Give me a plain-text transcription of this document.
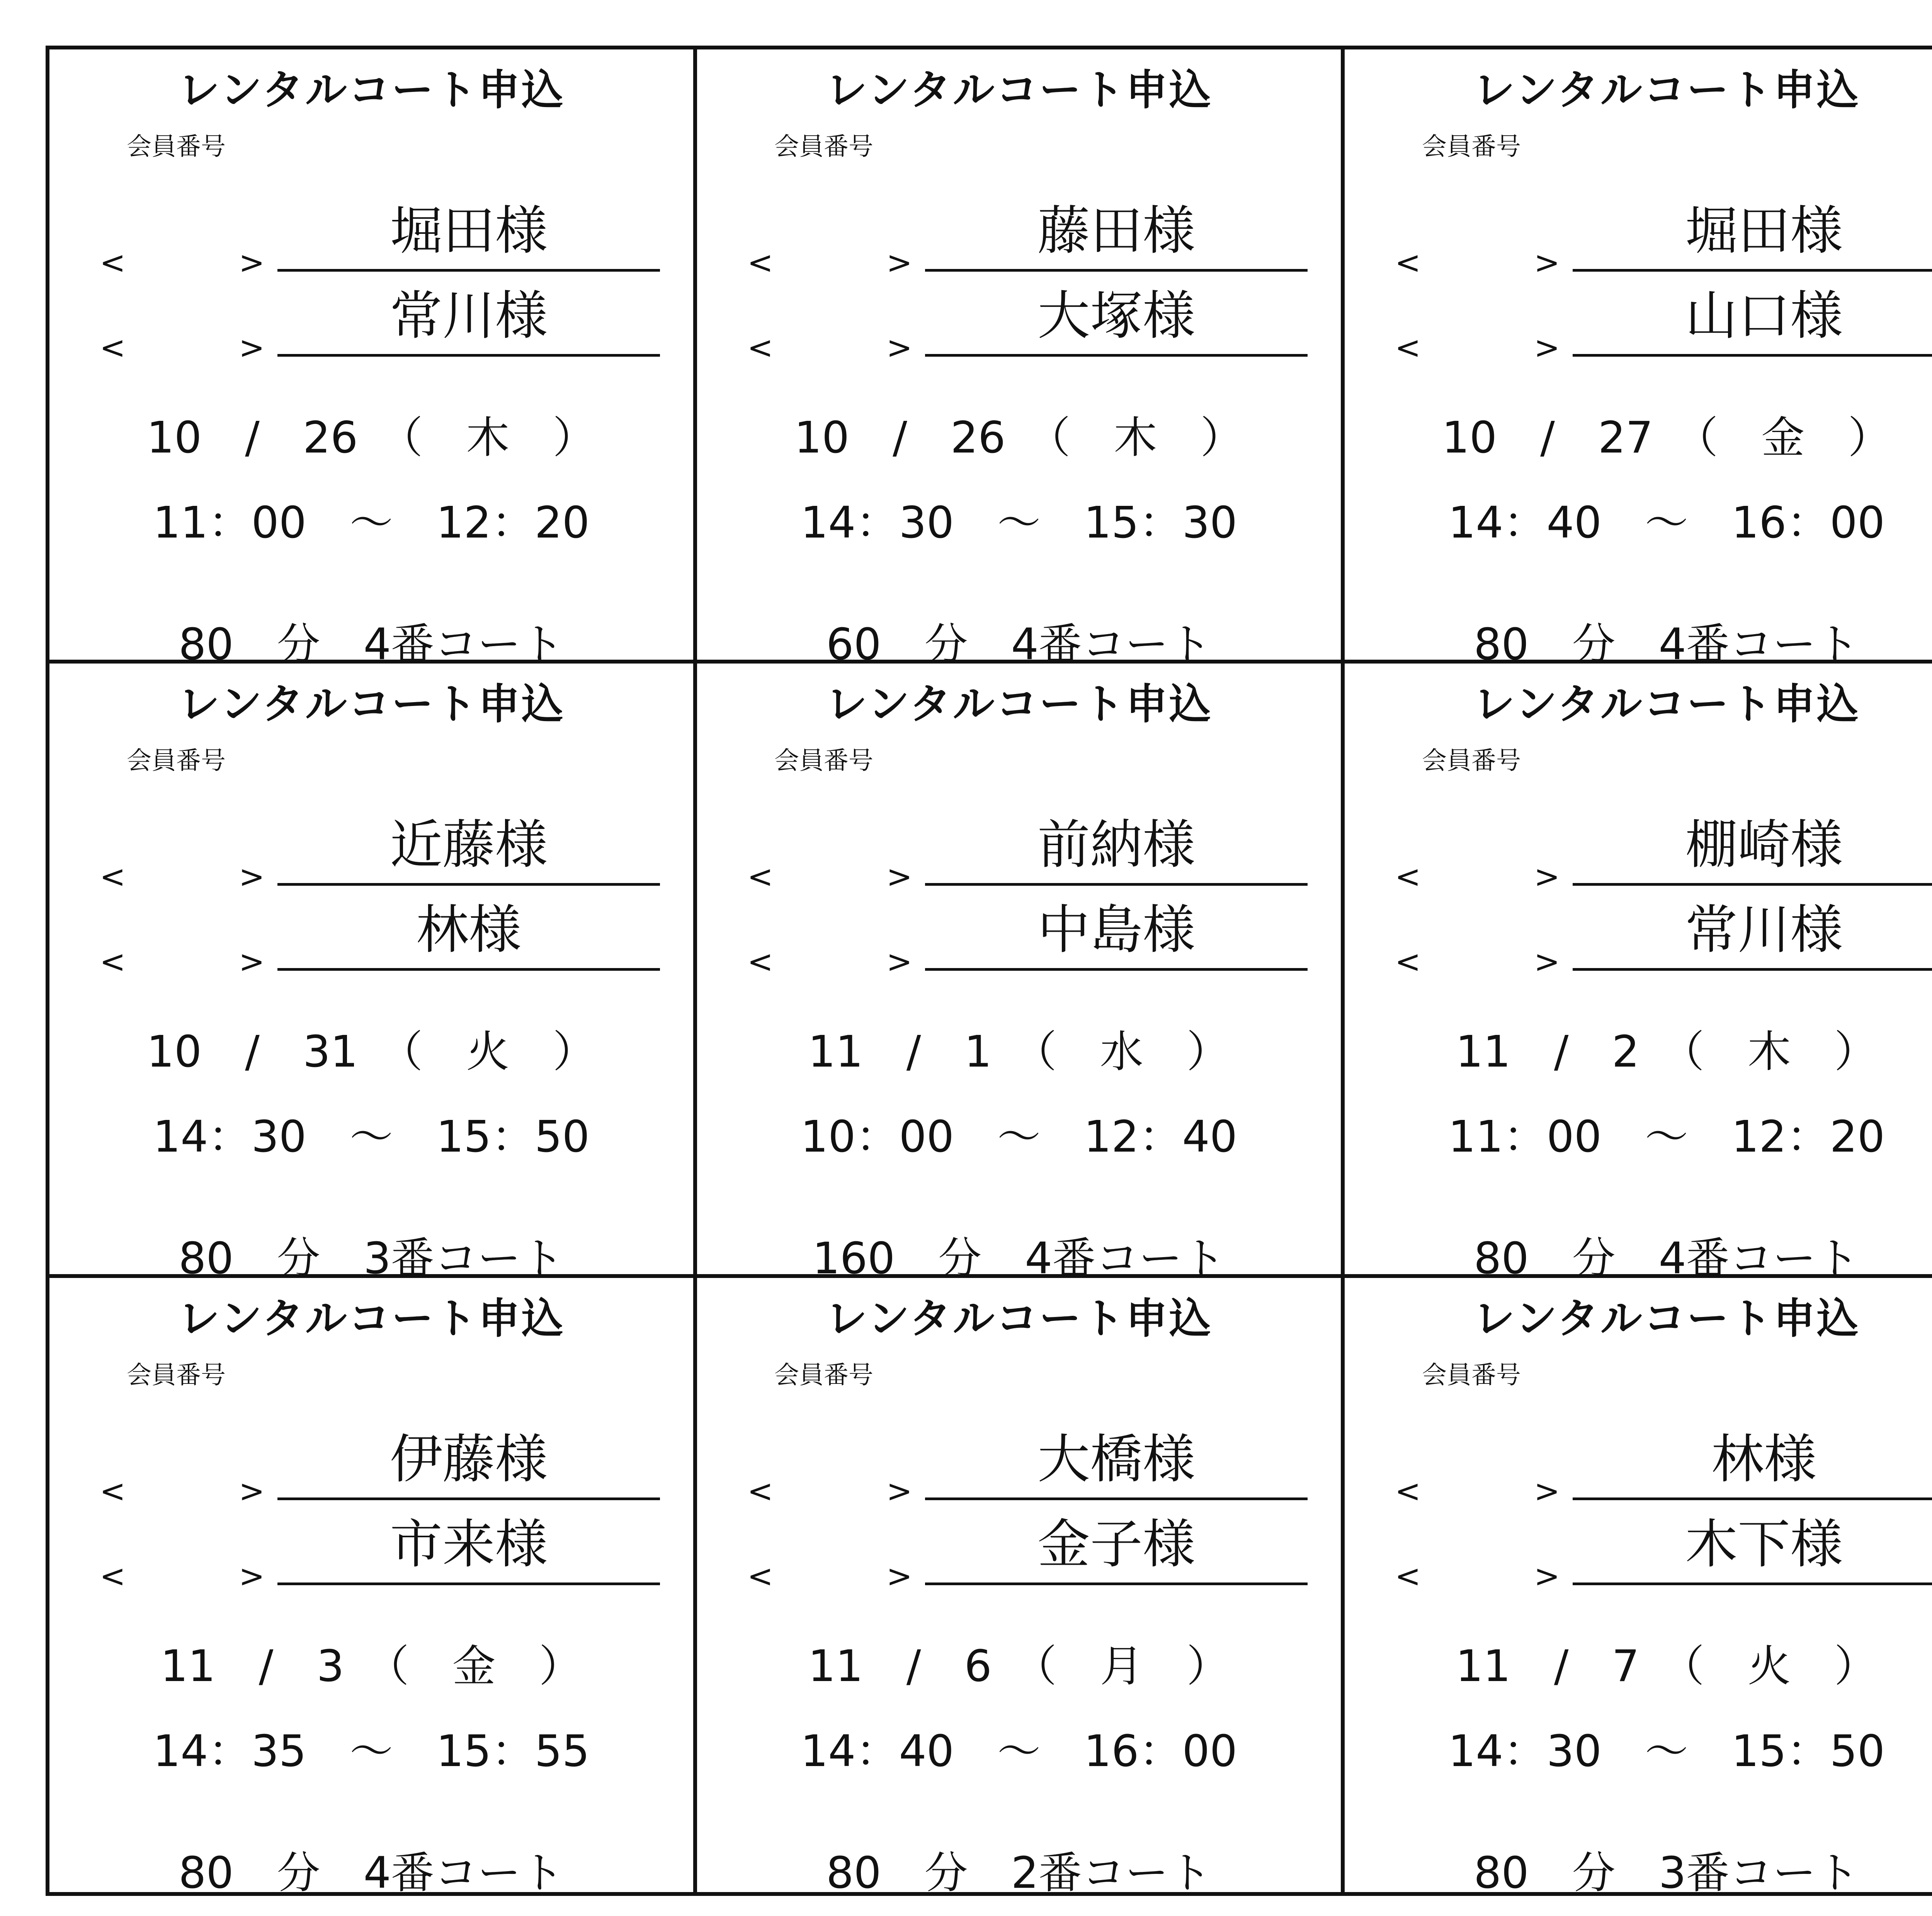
レンタルコート申込
会員番号
<	>
堀田様
<	>
常川様
10　/　26　（　木　）
11：00　～　12：20
80　分　4番コート
レンタルコート申込
会員番号
<	>
藤田様
<	>
大塚様
10　/　26　（　木　）
14：30　～　15：30
60　分　4番コート
レンタルコート申込
会員番号
<	>
堀田様
<	>
山口様
10　/　27　（　金　）
14：40　～　16：00
80　分　4番コート
レンタルコート申込
会員番号
<	>
近藤様
<	>
林様
10　/　31　（　火　）
14：30　～　15：50
80　分　3番コート
レンタルコート申込
会員番号
<	>
前納様
<	>
中島様
11　/　1　（　水　）
10：00　～　12：40
160　分　4番コート
レンタルコート申込
会員番号
<	>
棚崎様
<	>
常川様
11　/　2　（　木　）
11：00　～　12：20
80　分　4番コート
レンタルコート申込
会員番号
<	>
伊藤様
<	>
市来様
11　/　3　（　金　）
14：35　～　15：55
80　分　4番コート
レンタルコート申込
会員番号
<	>
大橋様
<	>
金子様
11　/　6　（　月　）
14：40　～　16：00
80　分　2番コート
レンタルコート申込
会員番号
<	>
林様
<	>
木下様
11　/　7　（　火　）
14：30　～　15：50
80　分　3番コート
